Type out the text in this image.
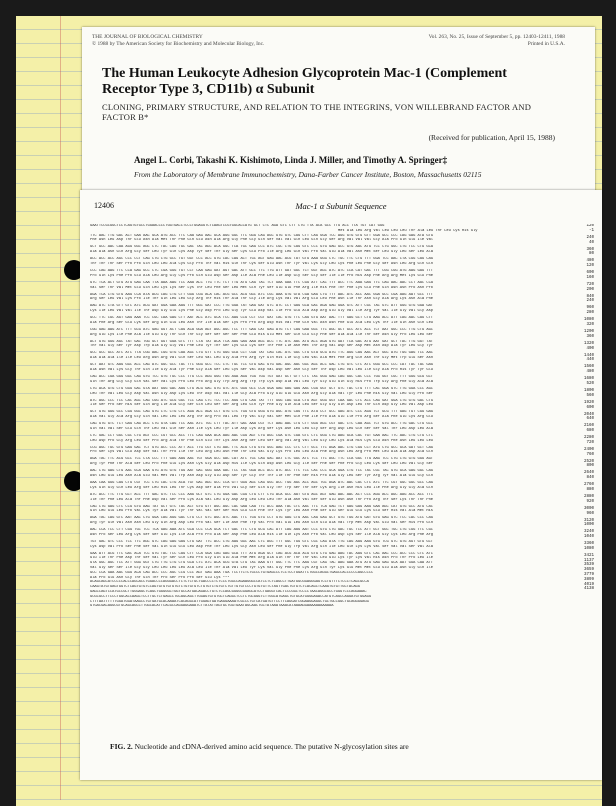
THE JOURNAL OF BIOLOGICAL CHEMISTRY
© 1988 by The American Society for Biochemistry and Molecular Biology, Inc.
Vol. 263, No. 25, Issue of September 5, pp. 12403-12411, 1988
Printed in U.S.A.
The Human Leukocyte Adhesion Glycoprotein Mac-1 (Complement Receptor Type 3, CD11b) α Subunit
CLONING, PRIMARY STRUCTURE, AND RELATION TO THE INTEGRINS, VON WILLEBRAND FACTOR AND FACTOR B*
(Received for publication, April 15, 1988)
Angel L. Corbi, Takashi K. Kishimoto, Linda J. Miller, and Timothy A. Springer‡
From the Laboratory of Membrane Immunochemistry, Dana-Farber Cancer Institute, Boston, Massachusetts 02115
12406	Mac-1 α Subunit Sequence
GAATTCCGCGGCTCCTCAGTGTGCCTGGAACCCCTGGTGACCTCCCTGGAGGTCTCAAGTCCGTGGCACCATG GCT CTC AGA GTC CTT CTG TTA ACA GCC TTG ACC TTA TGT CAT GGG
Met Ala Leu Arg Val Leu Leu Leu Thr Ala Leu Thr Leu Cys His Gly
TTC AAC TTG GAC ACT GAA AAC GCA ATG ACC TTC CAA GAG AAC GCA AGG GGC TTC GGG CAG AGC GTG GTC CAG CTT CAG GGA TCC AGG GTG GTG GTT GGA GCC CCC CAG GAG ATA GTG
Phe Asn Leu Asp Thr Glu Asn Ala Met Thr Phe Gln Glu Asn Ala Arg Gly Phe Gly Gln Ser Val Val Gln Leu Gln Gly Ser Arg Val Val Val Gly Ala Pro Gln Glu Ile Val
GCT GCC AAC CAA AGG GGC AGC CTC TAC CAG TGC GAC TAC AGC ACA GGC TCA TGC GAG CCC ATC CGC CTG CAG GTC CCC GTG GAG GCC GTG AAC ATG TCC CTG GGC CTG TCC CTG GCA
Ala Ala Asn Gln Arg Gly Ser Leu Tyr Gln Cys Asp Tyr Ser Thr Gly Ser Cys Glu Pro Ile Arg Leu Gln Val Pro Val Glu Ala Val Asn Met Ser Leu Gly Leu Ser Leu Ala
ACC ACC ACC AGC CCC CCT CAG CTG CTG GCC TGT GGT CCC ACC GTG CAC CAG ACT TGC AGT GAG AAC ACG TAT GTG AAA GGG CTC TGC TTC CTG TTT GGA TCC AAC CTA CGG CAG CAG
Thr Thr Thr Ser Pro Pro Gln Leu Leu Ala Cys Gly Pro Thr Val His Gln Thr Cys Ser Glu Asn Thr Tyr Val Lys Gly Leu Cys Phe Leu Phe Gly Ser Asn Leu Arg Gln Gln
CCC CAG AAG TTC CCA GAG GCC CTC CGA GGG TGT CCT CAA GAG GAT AGT GAC ATT GCC TTC TTG ATT GAT GGC TCT GGT AGC ATC ATC CCA CAT GAC TTT CGG CGG ATG AAG GAG TTT
Pro Gln Lys Phe Pro Glu Ala Leu Arg Gly Cys Pro Gln Glu Asp Ser Asp Ile Ala Phe Leu Ile Asp Gly Ser Gly Ser Ile Ile Pro His Asp Phe Arg Arg Met Lys Glu Phe
GTC TCA ACT GTG ATG GAG CAA TTA AAA AAG TCC AAA ACC TTG TTC TCT TTG ATG CAG TAC TCT GAA GAA TTC CGG ATT CAC TTT ACC TTC AAA GAG TTC CAG AAC AAC CCT AAC CCA
Val Ser Thr Val Met Glu Gln Leu Lys Lys Ser Lys Thr Leu Phe Ser Leu Met Gln Tyr Ser Glu Glu Phe Arg Ile His Phe Thr Phe Lys Glu Phe Gln Asn Asn Pro Asn Pro
AGA TCA CTG GTG AAG CCA ATA ACG CAG CTG CTT GGG CGG ACA CAC ACG GCC ACG GGC ATC CGC AAA GTG GTA CGA GAG CTG TTT AAC ATC ACC AAC GGA GCC CGA AAG AAT GCC TTT
Arg Ser Leu Val Lys Pro Ile Thr Gln Leu Leu Gly Arg Thr His Thr Ala Thr Gly Ile Arg Lys Val Val Arg Glu Leu Phe Asn Ile Thr Asn Gly Ala Arg Lys Asn Ala Phe
AAG ATC CTA GTT GTC ATC ACG GAT GGA GAA AAG TTT GGC GAT CCC TTG GGA TAT GAG GAT GTC ATC CCT GAG GCA GAC AGA GAG GGA GTC ATT CGC TAC GTC ATT GGG GTG GGA GAT
Lys Ile Leu Val Val Ile Thr Asp Gly Glu Lys Phe Gly Asp Pro Leu Gly Tyr Glu Asp Val Ile Pro Glu Ala Asp Arg Glu Gly Val Ile Arg Tyr Val Ile Gly Val Gly Asp
GCC TTC CGC AGT GAG AAA TCC CGC CAA GAG CTT AAT ACC ATC GCA TCC AAG CCG CCT CGT GAT CAC GTG TTC CAG GTG AAT AAC TTT GAG GCT CTG AAG ACC ATT CAG AAC CAG CTT
Ala Phe Arg Ser Glu Lys Ser Arg Gln Glu Leu Asn Thr Ile Ala Ser Lys Pro Pro Arg Asp His Val Phe Gln Val Asn Asn Phe Glu Ala Leu Lys Thr Ile Gln Asn Gln Leu
CGG GAG AAG ATC TTT GCG ATC GAG GGT ACT CAG ACA GGA AGT AGC AGC TCC TTT GAG CAT GAG ATG TCT CAG GAA GGC TTC AGC GCT GCC ATC ACC TCT AAT GGC CCC TTG CTG AGC
Arg Glu Lys Ile Phe Ala Ile Glu Gly Thr Gln Thr Gly Ser Ser Ser Ser Phe Glu His Glu Met Ser Gln Glu Gly Phe Ser Ala Ala Ile Thr Ser Asn Gly Pro Leu Leu Ser
ACT GTG GGG AGC TAT GAC TGG GCT GGT GGA GTC TTT CTA TAT ACA TCA AAG GAG AAA AGC ACC TTC ATC AAC ATG ACC AGA GTG GAT TCA GAC ATG AAT GAT GCT TAC TTG GGT TAT
Thr Val Gly Ser Tyr Asp Trp Ala Gly Gly Val Phe Leu Tyr Thr Ser Lys Glu Lys Ser Thr Phe Ile Asn Met Thr Arg Val Asp Ser Asp Met Asn Asp Ala Tyr Leu Gly Tyr
GCC GCC GCC ATC ATC TTA CGG AAC CGG GTG CAA AGC CTG GTT CTG GGG GCA CCT CGA TAT CAG CAC ATC GGC CTG GTA GCG ATG TTC AGG CAG AAC ACT GGC ATG TGG GAG TCC AAC
Ala Ala Ala Ile Ile Leu Arg Asn Arg Val Gln Ser Leu Val Leu Gly Ala Pro Arg Tyr Gln His Ile Gly Leu Val Ala Met Phe Arg Gln Asn Thr Gly Met Trp Glu Ser Asn
GCT AAT GTC AAG GGC ACC CAG ATC GGC GCC TAC TTC GGG GCC TCC CTC TGC TCC GTG GAC GTG GAC AGC AAC GGC AGC ACC GAC CTG GTC CTC ATC GGG GCC CCC CAT TAC TAC GAG
Ala Asn Val Lys Gly Thr Gln Ile Gly Ala Tyr Phe Gly Ala Ser Leu Cys Ser Val Asp Val Asp Ser Asn Gly Ser Thr Asp Leu Val Leu Ile Gly Ala Pro His Tyr Tyr Glu
CAG ACC CGA GGG GGC CAG GTG TCC GTG TGC CCC TTG CCC AGG GGG TGG AGA AGG TGG TGG TGT GAT GCT GTT CTC TAC GGG GAG CAG GGC CAC CCC TGG GGT CGC TTT GGG GCG GCT
Gln Thr Arg Gly Gly Gln Val Ser Val Cys Pro Leu Pro Arg Gly Trp Arg Arg Trp Trp Cys Asp Ala Val Leu Tyr Gly Glu Gln Gly His Pro Trp Gly Arg Phe Gly Ala Ala
CTG ACA GTG CTG GGG GAC GTA AAT GGG GAC AAG CTG ACG GAC GTG GTC ATC GGG GCC CCA GGA GAG GAG GAG AAC CGG GGT GCT GTC TAC CTG TTT CAC GGA GTC TTG GGA CCC AGC
Leu Thr Val Leu Gly Asp Val Asn Gly Asp Lys Leu Thr Asp Val Val Ile Gly Ala Pro Gly Glu Glu Glu Asn Arg Gly Ala Val Tyr Leu Phe His Gly Val Leu Gly Pro Ser
ATC AGC CCC TCC CAC AGC CAG CGG ATC GCG GGC TCC CAG CTC TCC TCC AGG CTG CAG TAT TTT GGG CAG GCA CTG AGT GGG GGT CAA GAC CTC ACC CAG GAT GGA CTG GTG GAC CTG
Ile Ser Pro Ser His Ser Gln Arg Ile Ala Gly Ser Gln Leu Ser Ser Arg Leu Gln Tyr Phe Gly Gln Ala Leu Ser Gly Gly Gln Asp Leu Thr Gln Asp Gly Leu Val Asp Leu
GCT GTG GGG GCC CGG GGC CAG GTG CTC CTG CTC AGG ACC AGA CCT GTG CTC TGG GTG GGG GTG AGC ATG CAG TTC ATA CCT GCC GAG ATC CCC AGG TCT GCG TTT GAG TGT CGG GAG
Ala Val Gly Ala Arg Gly Gln Val Leu Leu Leu Arg Thr Arg Pro Val Leu Trp Val Gly Val Ser Met Gln Phe Ile Pro Ala Glu Ile Pro Arg Ser Ala Phe Glu Cys Arg Glu
CAG GTG GTC TCT GAG CAG ACC CTG GTA CAG TCC AAC ATC TGC CTT TAC ATT GAC AAA CGT TCT AAG AAC CTG CTT GGG AGC CGT GAC CTC CAA AGC TCT GTG ACC TTG GAC CTG GCC
Gln Val Val Ser Glu Gln Thr Leu Val Gln Ser Asn Ile Cys Leu Tyr Ile Asp Lys Arg Ser Lys Asn Leu Leu Gly Ser Arg Asp Leu Gln Ser Ser Val Thr Leu Asp Leu Ala
CTC GAC CCT GGC CGC CTG AGT CCC CGT GCC ACC TTC CAG GAA ACA AAG AAC CGG AGT CTG AGC CGA GTC CGA GTC CTC GGG CTG AAG GCA CAC TGT GAA AAC TTC AAC CTG CTG CTC
Leu Asp Pro Gly Arg Leu Ser Pro Arg Ala Thr Phe Gln Glu Thr Lys Asn Arg Ser Leu Ser Arg Val Arg Val Leu Gly Leu Lys Ala His Cys Glu Asn Phe Asn Leu Leu Leu
CCG AGC TGC GTG GAG GAC TCT GTG ACC CCC ATT ACC TTG CGT CTG AAC TTC ACG CTG GTG GGC AAG CCC CTC CTT GCC TTC AGA AAC CTG CGG CCT ATG CTG GCC GCA GAT GCT CAG
Pro Ser Cys Val Glu Asp Ser Val Thr Pro Ile Thr Leu Arg Leu Asn Phe Thr Leu Val Gly Lys Pro Leu Leu Ala Phe Arg Asn Leu Arg Pro Met Leu Ala Ala Asp Ala Gln
AGA TAC TTC ACG GCC TCC CTA CCC TTT GAG AAG AAC TGT GGA GCC GAC CAT ATC TGC CAG GAC AAT CTC GGC ATC TCC TTC AGC TTC CCA GGC TTG AAG TCC CTG CTG GTG GGG AGT
Arg Tyr Phe Thr Ala Ser Leu Pro Phe Glu Lys Asn Cys Gly Ala Asp His Ile Cys Gln Asp Asn Leu Gly Ile Ser Phe Ser Phe Pro Gly Leu Lys Ser Leu Leu Val Gly Ser
AAC CTG GAG CTG AAC GCA GAA GTG ATG GTG TGG AAT GAC GGG GAA GAC TCC TAC GGA ACC ACC ATC ACC TTC TCC CAC CCC GCA GGA CTG TCC TAC CGC TAC GTG GCA GAG GGC CAG
Asn Leu Glu Leu Asn Ala Glu Val Met Val Trp Asn Asp Gly Glu Asp Ser Tyr Gly Thr Thr Ile Thr Phe Ser His Pro Ala Gly Leu Ser Tyr Arg Tyr Val Ala Glu Gly Gln
AAA CAA GGG CAG CTG CGT TCC CTG CAC CTG ACA TGT GAC AGC GCC CCA GTT GGG AGC CAG GGC ACC TGG AGC ACC AGC TGC AGA ATC AAC CAC CTC ATC TTC CGT GGC GGC GCC CAG
Lys Gln Gly Gln Leu Arg Ser Leu His Leu Thr Cys Asp Ser Ala Pro Val Gly Ser Gln Gly Thr Trp Ser Thr Ser Cys Arg Ile Asn His Leu Ile Phe Arg Gly Gly Ala Gln
ATC ACC TTC TTG GCT ACC TTT GAC GTC TCC CCC AAG GCT GTC CTG GGA GAC CGG CTG CTT CTG ACA GCC AAT GTG AGC AGT GAG AAC AAC ACT CCC AGG ACC AGC AAG ACC ACC TTC
Ile Thr Phe Leu Ala Thr Phe Asp Val Ser Pro Lys Ala Val Leu Gly Asp Arg Leu Leu Leu Thr Ala Asn Val Ser Ser Glu Asn Asn Thr Pro Arg Thr Ser Lys Thr Thr Phe
CAG CTG GAG CTC CCG GTG AAG TAT GCT GTC TAC ACT GTG GTT AGC AGC CAC GAA CAA TTC ACC AAA TAC CTC AAC TTC TCA GAG TCT GAG GAG AAG GAA AGC CAT GTG GCC ATG CAC
Gln Leu Glu Leu Pro Val Lys Tyr Ala Val Tyr Thr Val Val Ser Ser His Glu Gln Phe Thr Lys Tyr Leu Asn Phe Ser Glu Ser Glu Glu Lys Glu Ser His Val Ala Met His
AGA TAC CAG GTC AAT AAC CTG GGA CAG AGG GAC CTG CCT GTC AGC ATC AAC TTC TGG GTG CCT GTG GAG CTG AAC CAG GAG GCT GTG TGG ATG GAT GTG GAG GTC TCC CAC CCC CAG
Arg Tyr Gln Val Asn Asn Leu Gly Gln Arg Asp Leu Pro Val Ser Ile Asn Phe Trp Val Pro Val Glu Leu Asn Gln Glu Ala Val Trp Met Asp Val Glu Val Ser His Pro Gln
AAC CCA TCC CTT CGG TGC TCC TCA GAG AAA ATC GCA CCC CCA GCA TCT GAC TTC CTG GCG CAC ATT CAG AAG AAT CCC GTG CTG GAC TGC TCC ATT GCT GGC TGC CTG CGG TTC CGC
Asn Pro Ser Leu Arg Cys Ser Ser Glu Lys Ile Ala Pro Pro Ala Ser Asp Phe Leu Ala His Ile Gln Lys Asn Pro Val Leu Asp Cys Ser Ile Ala Gly Cys Leu Arg Phe Arg
TGT GAC GTC CCC TCC TTC AGC GTC CAG GAG GAG CTG GAT TTC ACC CTG AAG GGC AAC CTC AGC TTT GGC TGG GTC CGC CAG ATA TTG CAG AAG AAG GTG TCG GTC GTG AGT GTG GCT
Cys Asp Val Pro Ser Phe Ser Val Gln Glu Glu Leu Asp Phe Thr Leu Lys Gly Asn Leu Ser Phe Gly Trp Val Arg Gln Ile Leu Gln Lys Lys Val Ser Val Val Ser Val Ala
GAA ATT ACG TTC GAC ACA TCC GTG TAC TCC CAG CTT CCA GGA CAG GAG GCA TTT ATG AGA GCT CAG ACG ACA ACG GTG CTG GAG AAG TAC AAG GTC CAC AAC CCC ACC CCC CTC ATC
Glu Ile Thr Phe Asp Thr Ser Val Tyr Ser Gln Leu Pro Gly Gln Glu Ala Phe Met Arg Ala Gln Thr Thr Thr Val Leu Glu Lys Tyr Lys Val His Asn Pro Thr Pro Leu Ile
GTA GGC AGC TCC ATT GGG GGT CTG TTG CTG CTG GCA CTC ATC ACA GCG GTA CTG TAC AAA GTT GGC TTC TTC AAG CGT CAG TAC AAG GAA ATG ATG GAG GAG GCA AAT GGA CAA ATT
Val Gly Ser Ser Ile Gly Gly Leu Leu Leu Leu Ala Leu Ile Thr Ala Val Leu Tyr Lys Val Gly Phe Phe Lys Arg Gln Tyr Lys Glu Met Met Glu Glu Ala Asn Gly Gln Ile
GCC CCA GAA AAC GGG ACA CAG ACC CCC AGC CCG CCC AGT GAG AAA TGA TCCTTCTCTGCCCTGTGAGCCCTCCTCCTGGATTCTGGCCAGGCTGAGCCACCCCCCAGCCCCC
Ala Pro Glu Asn Gly Thr Gln Thr Pro Ser Pro Pro Ser Glu Lys ***
ACAGCAGCATCCCCCACCCAGCACCTGGACCCCAGGGACCTCTCTCTGCTGACCCCTCTCCCTGGCCAGAAGGGCCATCCTCTCAGCCTTGATGGCGGAGGGAGTCCTGTTTCTCCCTCAGCGCCA
CAAGTATGTGAGTGGTCTCAGTGTGTCCAGTGTGTGTGTGTCTGTGTGTCTGTGTCTGTGTCTGTTGTGTCCCTGTGTGTTCTAGTTGACTGTGTCTCACAGCTCAAGTGTGTTGCTACAGG
GAGCCAGTCCATGCCGCTTGGGAGCTCAGCTGGGGGCTGGTGCCATGACAGACCTGTCTCCAGCGGGGCGGAGCATCCTGAGGTCACTCCCGGCTCCCCTAACAGGCGCCTGGGTCCCAGGAAAC
GCGCGCCTTCCCTGGCACCAAGCTCCTTGCTCTGAGCCTGCAGCAGCTTGGAGTGTGTGCTCAGGCTCCTCTGCGGGTCTTGGCATGAGCTGTGCATGGGGAGACCATGTCAGCCAGGATGTGGAGG
CTTTAATTTTTTGGATGGATAAGCCTGTGATGCACAAAATCACAGGCATTGGAGTGATGAGGAAAATCGCCCTGTCATGATGTTCCTTCAGGATCGGAAGGAGGCTGCTGCCGGCTGCAGGGGAGG
GTGACGACAGGCGTGCAGCAGCCTTGGCACATTCACGCCAGGAGGAAATCTTATATTAGTGCTGGTGAATAGCAACTGCTATAAATAAACATAAAAGGAAAAAAAAAAAA
120
-1
240
40
360
80
480
120
600
160
720
200
840
240
960
280
1080
320
1200
360
1320
400
1440
440
1560
480
1680
520
1800
560
1920
600
2040
640
2160
680
2280
720
2400
760
2520
800
2640
840
2760
880
2880
920
3000
960
3120
1000
3240
1040
3360
1080
3421
1137
3539
3659
3779
3899
4019
4138
FIG. 2. Nucleotide and cDNA-derived amino acid sequence. The putative N-glycosylation sites are
